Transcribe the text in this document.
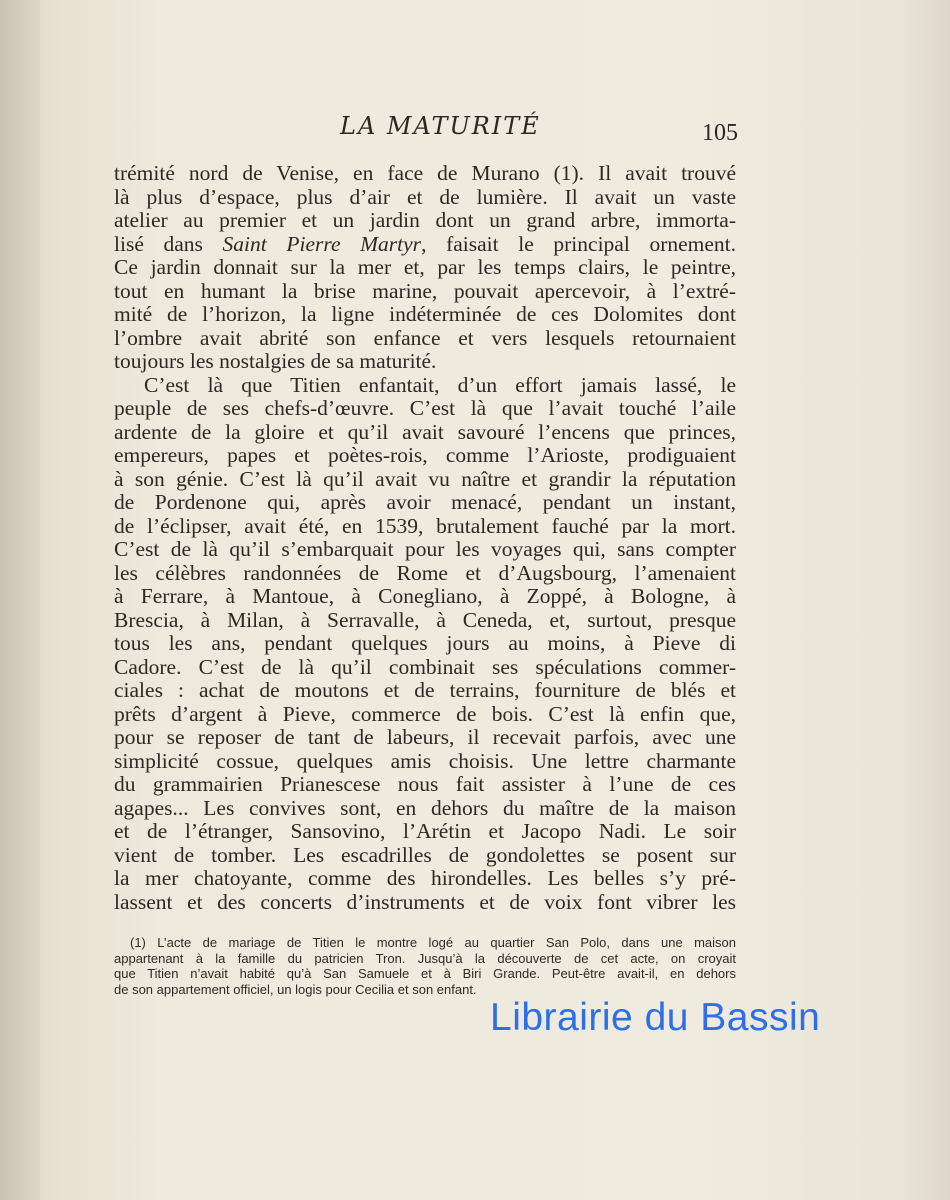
LA MATURITÉ	105
trémité nord de Venise, en face de Murano (1). Il avait trouvé
là plus d’espace, plus d’air et de lumière. Il avait un vaste
atelier au premier et un jardin dont un grand arbre, immorta-
lisé dans Saint Pierre Martyr, faisait le principal ornement.
Ce jardin donnait sur la mer et, par les temps clairs, le peintre,
tout en humant la brise marine, pouvait apercevoir, à l’extré-
mité de l’horizon, la ligne indéterminée de ces Dolomites dont
l’ombre avait abrité son enfance et vers lesquels retournaient
toujours les nostalgies de sa maturité.
C’est là que Titien enfantait, d’un effort jamais lassé, le
peuple de ses chefs-d’œuvre. C’est là que l’avait touché l’aile
ardente de la gloire et qu’il avait savouré l’encens que princes,
empereurs, papes et poètes-rois, comme l’Arioste, prodiguaient
à son génie. C’est là qu’il avait vu naître et grandir la réputation
de Pordenone qui, après avoir menacé, pendant un instant,
de l’éclipser, avait été, en 1539, brutalement fauché par la mort.
C’est de là qu’il s’embarquait pour les voyages qui, sans compter
les célèbres randonnées de Rome et d’Augsbourg, l’amenaient
à Ferrare, à Mantoue, à Conegliano, à Zoppé, à Bologne, à
Brescia, à Milan, à Serravalle, à Ceneda, et, surtout, presque
tous les ans, pendant quelques jours au moins, à Pieve di
Cadore. C’est de là qu’il combinait ses spéculations commer-
ciales : achat de moutons et de terrains, fourniture de blés et
prêts d’argent à Pieve, commerce de bois. C’est là enfin que,
pour se reposer de tant de labeurs, il recevait parfois, avec une
simplicité cossue, quelques amis choisis. Une lettre charmante
du grammairien Prianescese nous fait assister à l’une de ces
agapes... Les convives sont, en dehors du maître de la maison
et de l’étranger, Sansovino, l’Arétin et Jacopo Nadi. Le soir
vient de tomber. Les escadrilles de gondolettes se posent sur
la mer chatoyante, comme des hirondelles. Les belles s’y pré-
lassent et des concerts d’instruments et de voix font vibrer les
(1) L’acte de mariage de Titien le montre logé au quartier San Polo, dans une maison
appartenant à la famille du patricien Tron. Jusqu’à la découverte de cet acte, on croyait
que Titien n’avait habité qu’à San Samuele et à Biri Grande. Peut-être avait-il, en dehors
de son appartement officiel, un logis pour Cecilia et son enfant.
Librairie du Bassin
